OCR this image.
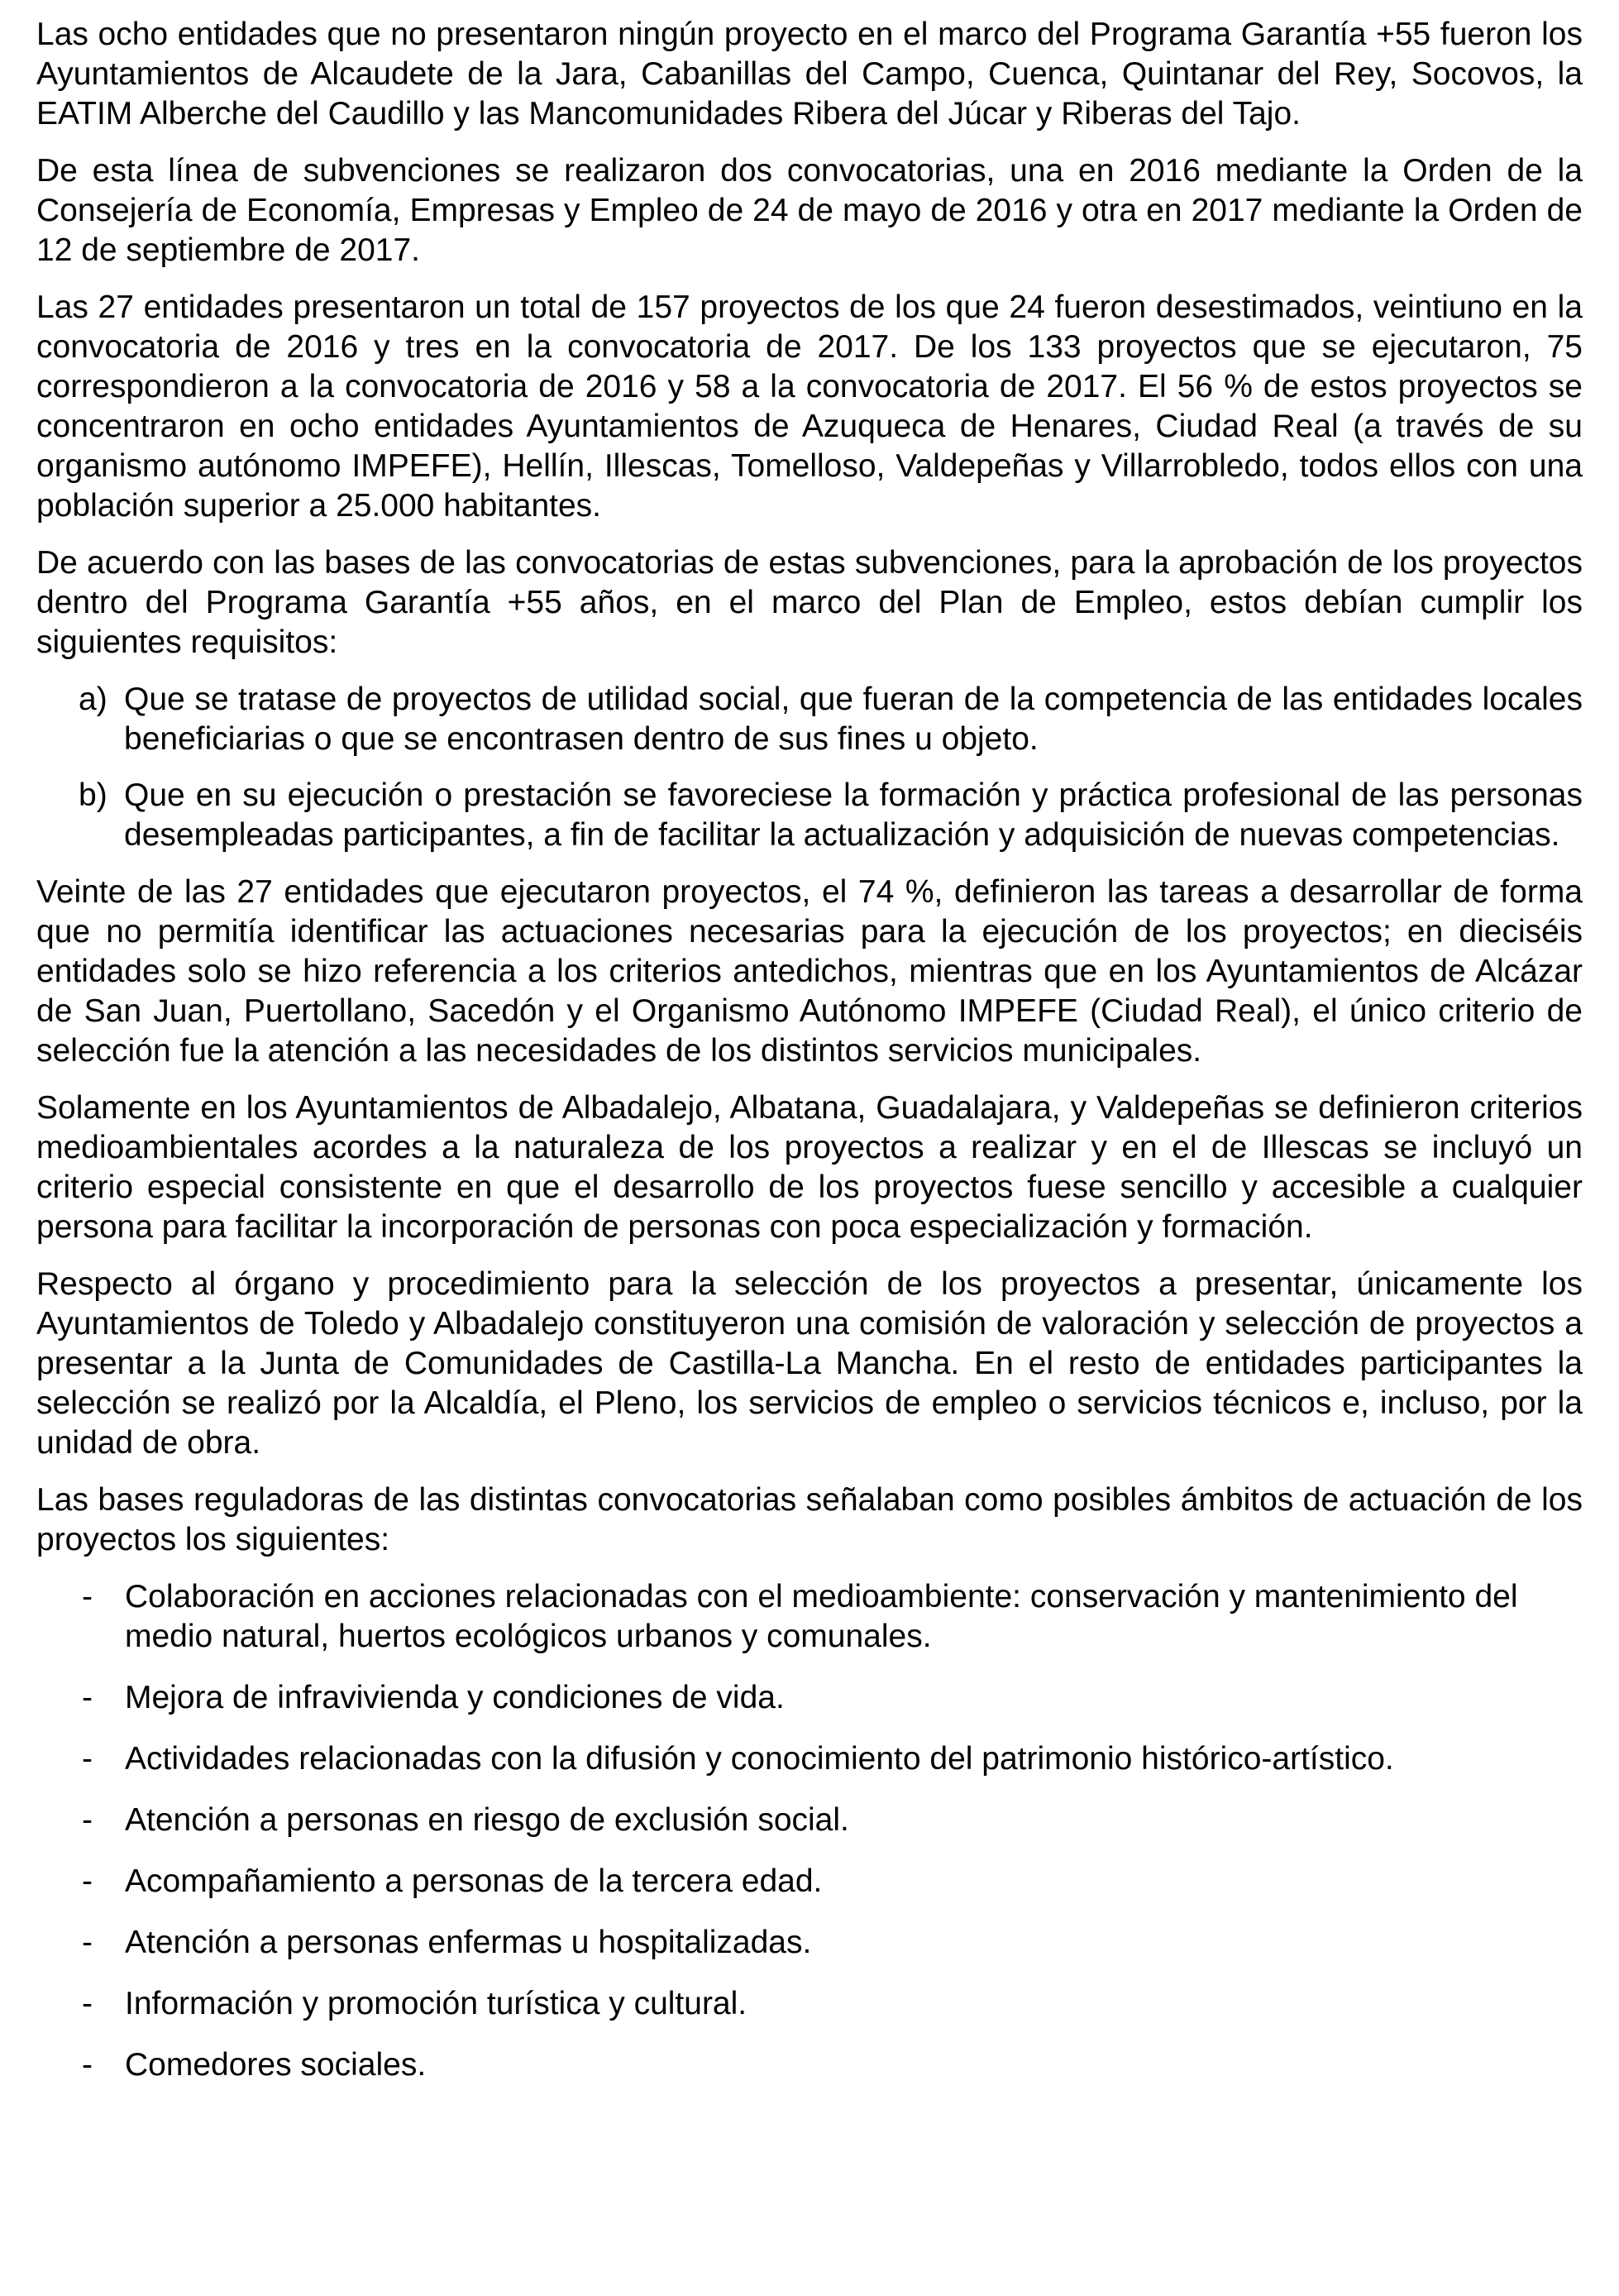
Las ocho entidades que no presentaron ningún proyecto en el marco del Programa Garantía +55 fueron los Ayuntamientos de Alcaudete de la Jara, Cabanillas del Campo, Cuenca, Quintanar del Rey, Socovos, la EATIM Alberche del Caudillo y las Mancomunidades Ribera del Júcar y Riberas del Tajo.

De esta línea de subvenciones se realizaron dos convocatorias, una en 2016 mediante la Orden de la Consejería de Economía, Empresas y Empleo de 24 de mayo de 2016 y otra en 2017 mediante la Orden de 12 de septiembre de 2017.

Las 27 entidades presentaron un total de 157 proyectos de los que 24 fueron desestimados, veintiuno en la convocatoria de 2016 y tres en la convocatoria de 2017. De los 133 proyectos que se ejecutaron, 75 correspondieron a la convocatoria de 2016 y 58 a la convocatoria de 2017. El 56 % de estos proyectos se concentraron en ocho entidades Ayuntamientos de Azuqueca de Henares, Ciudad Real (a través de su organismo autónomo IMPEFE), Hellín, Illescas, Tomelloso, Valdepeñas y Villarrobledo, todos ellos con una población superior a 25.000 habitantes.

De acuerdo con las bases de las convocatorias de estas subvenciones, para la aprobación de los proyectos dentro del Programa Garantía +55 años, en el marco del Plan de Empleo, estos debían cumplir los siguientes requisitos:

a) Que se tratase de proyectos de utilidad social, que fueran de la competencia de las entidades locales beneficiarias o que se encontrasen dentro de sus fines u objeto.
b) Que en su ejecución o prestación se favoreciese la formación y práctica profesional de las personas desempleadas participantes, a fin de facilitar la actualización y adquisición de nuevas competencias.

Veinte de las 27 entidades que ejecutaron proyectos, el 74 %, definieron las tareas a desarrollar de forma que no permitía identificar las actuaciones necesarias para la ejecución de los proyectos; en dieciséis entidades solo se hizo referencia a los criterios antedichos, mientras que en los Ayuntamientos de Alcázar de San Juan, Puertollano, Sacedón y el Organismo Autónomo IMPEFE (Ciudad Real), el único criterio de selección fue la atención a las necesidades de los distintos servicios municipales.

Solamente en los Ayuntamientos de Albadalejo, Albatana, Guadalajara, y Valdepeñas se definieron criterios medioambientales acordes a la naturaleza de los proyectos a realizar y en el de Illescas se incluyó un criterio especial consistente en que el desarrollo de los proyectos fuese sencillo y accesible a cualquier persona para facilitar la incorporación de personas con poca especialización y formación.

Respecto al órgano y procedimiento para la selección de los proyectos a presentar, únicamente los Ayuntamientos de Toledo y Albadalejo constituyeron una comisión de valoración y selección de proyectos a presentar a la Junta de Comunidades de Castilla-La Mancha. En el resto de entidades participantes la selección se realizó por la Alcaldía, el Pleno, los servicios de empleo o servicios técnicos e, incluso, por la unidad de obra.

Las bases reguladoras de las distintas convocatorias señalaban como posibles ámbitos de actuación de los proyectos los siguientes:

-	Colaboración en acciones relacionadas con el medioambiente: conservación y mantenimiento del medio natural, huertos ecológicos urbanos y comunales.
-	Mejora de infravivienda y condiciones de vida.
-	Actividades relacionadas con la difusión y conocimiento del patrimonio histórico-artístico.
-	Atención a personas en riesgo de exclusión social.
-	Acompañamiento a personas de la tercera edad.
-	Atención a personas enfermas u hospitalizadas.
-	Información y promoción turística y cultural.
-	Comedores sociales.
